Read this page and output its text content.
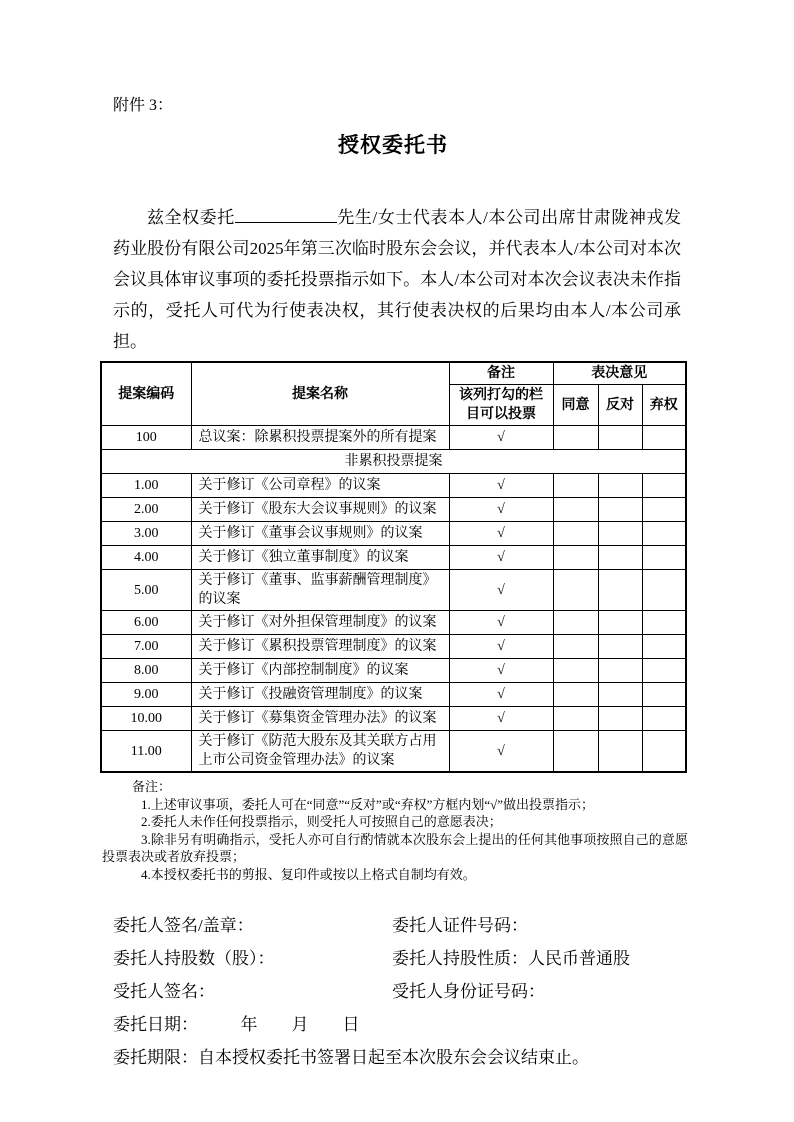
附件 3：
授权委托书

兹全权委托	先生/女士代表本人/本公司出席甘肃陇神戎发药业股份有限公司2025年第三次临时股东会会议，并代表本人/本公司对本次会议具体审议事项的委托投票指示如下。本人/本公司对本次会议表决未作指示的，受托人可代为行使表决权，其行使表决权的后果均由本人/本公司承担。

提案编码	提案名称	备注	表决意见		
		该列打勾的栏目可以投票	同意	反对	弃权
100	总议案：除累积投票提案外的所有提案	√			
非累积投票提案					
1.00	关于修订《公司章程》的议案	√			
2.00	关于修订《股东大会议事规则》的议案	√			
3.00	关于修订《董事会议事规则》的议案	√			
4.00	关于修订《独立董事制度》的议案	√			
5.00	关于修订《董事、监事薪酬管理制度》的议案	√			
6.00	关于修订《对外担保管理制度》的议案	√			
7.00	关于修订《累积投票管理制度》的议案	√			
8.00	关于修订《内部控制制度》的议案	√			
9.00	关于修订《投融资管理制度》的议案	√			
10.00	关于修订《募集资金管理办法》的议案	√			
11.00	关于修订《防范大股东及其关联方占用上市公司资金管理办法》的议案	√			
备注：

1.上述审议事项，委托人可在“同意”“反对”或“弃权”方框内划“√”做出投票指示；

2.委托人未作任何投票指示，则受托人可按照自己的意愿表决；

3.除非另有明确指示，受托人亦可自行酌情就本次股东会上提出的任何其他事项按照自己的意愿投票表决或者放弃投票；

4.本授权委托书的剪报、复印件或按以上格式自制均有效。

委托人签名/盖章：	委托人证件号码：
委托人持股数（股）：	委托人持股性质：人民币普通股
受托人签名：	受托人身份证号码：
委托日期：　　　年　　月　　日
委托期限：自本授权委托书签署日起至本次股东会会议结束止。
